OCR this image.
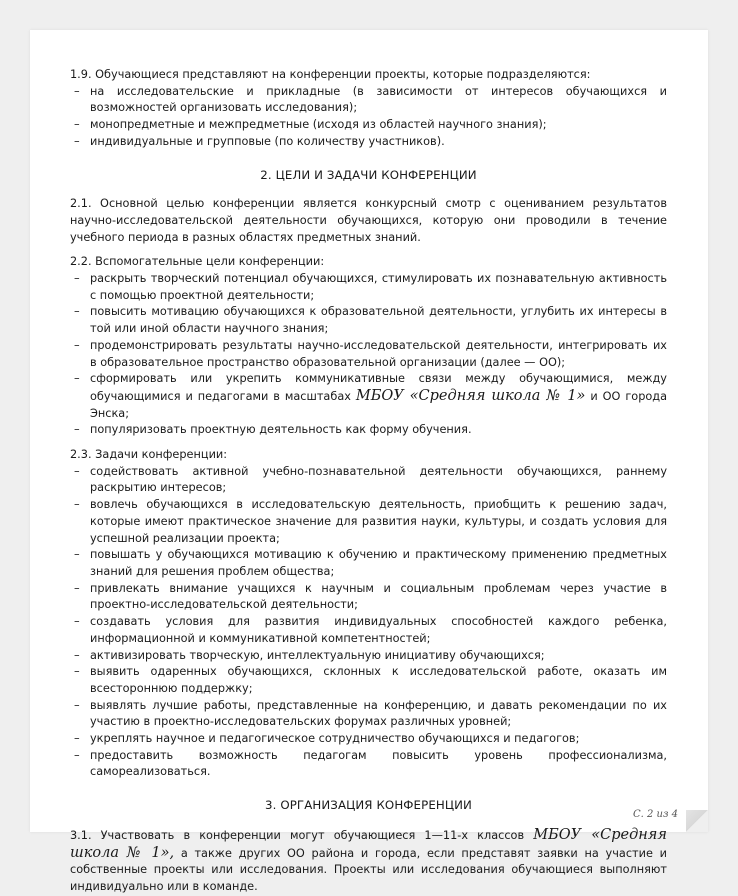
1.9. Обучающиеся представляют на конференции проекты, которые подразделяются:

– на исследовательские и прикладные (в зависимости от интересов обучающихся и возможностей организовать исследования);
– монопредметные и межпредметные (исходя из областей научного знания);
– индивидуальные и групповые (по количеству участников).
2. ЦЕЛИ И ЗАДАЧИ КОНФЕРЕНЦИИ

2.1. Основной целью конференции является конкурсный смотр с оцениванием результатов научно-исследовательской деятельности обучающихся, которую они проводили в течение учебного периода в разных областях предметных знаний.

2.2. Вспомогательные цели конференции:

– раскрыть творческий потенциал обучающихся, стимулировать их познавательную активность с помощью проектной деятельности;
– повысить мотивацию обучающихся к образовательной деятельности, углубить их интересы в той или иной области научного знания;
– продемонстрировать результаты научно-исследовательской деятельности, интегрировать их в образовательное пространство образовательной организации (далее — ОО);
– сформировать или укрепить коммуникативные связи между обучающимися, между обучающимися и педагогами в масштабах МБОУ «Средняя школа № 1» и ОО города Энска;
– популяризовать проектную деятельность как форму обучения.

2.3. Задачи конференции:

– содействовать активной учебно-познавательной деятельности обучающихся, раннему раскрытию интересов;
– вовлечь обучающихся в исследовательскую деятельность, приобщить к решению задач, которые имеют практическое значение для развития науки, культуры, и создать условия для успешной реализации проекта;
– повышать у обучающихся мотивацию к обучению и практическому применению предметных знаний для решения проблем общества;
– привлекать внимание учащихся к научным и социальным проблемам через участие в проектно-исследовательской деятельности;
– создавать условия для развития индивидуальных способностей каждого ребенка, информационной и коммуникативной компетентностей;
– активизировать творческую, интеллектуальную инициативу обучающихся;
– выявить одаренных обучающихся, склонных к исследовательской работе, оказать им всестороннюю поддержку;
– выявлять лучшие работы, представленные на конференцию, и давать рекомендации по их участию в проектно-исследовательских форумах различных уровней;
– укреплять научное и педагогическое сотрудничество обучающихся и педагогов;
– предоставить возможность педагогам повысить уровень профессионализма, самореализоваться.
3. ОРГАНИЗАЦИЯ КОНФЕРЕНЦИИ

3.1. Участвовать в конференции могут обучающиеся 1—11-х классов МБОУ «Средняя школа № 1», а также других ОО района и города, если представят заявки на участие и собственные проекты или исследования. Проекты или исследования обучающиеся выполняют индивидуально или в команде.

С. 2 из 4
